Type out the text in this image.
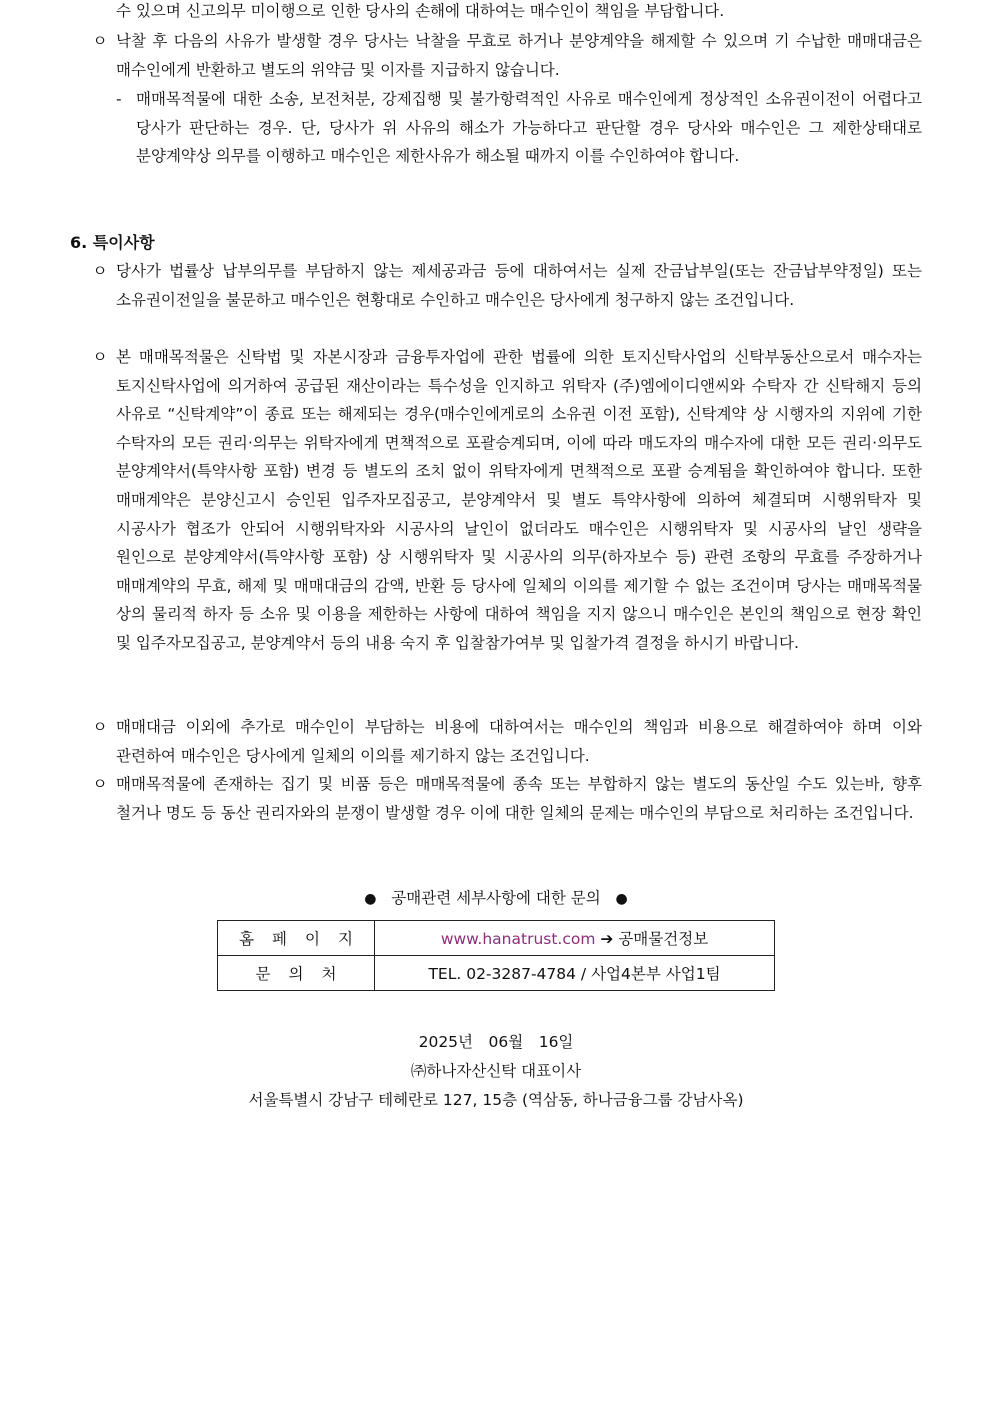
수 있으며 신고의무 미이행으로 인한 당사의 손해에 대하여는 매수인이 책임을 부담합니다.
ㅇ 낙찰 후 다음의 사유가 발생할 경우 당사는 낙찰을 무효로 하거나 분양계약을 해제할 수 있으며 기 수납한 매매대금은 매수인에게 반환하고 별도의 위약금 및 이자를 지급하지 않습니다.
- 매매목적물에 대한 소송, 보전처분, 강제집행 및 불가항력적인 사유로 매수인에게 정상적인 소유권이전이 어렵다고 당사가 판단하는 경우. 단, 당사가 위 사유의 해소가 가능하다고 판단할 경우 당사와 매수인은 그 제한상태대로 분양계약상 의무를 이행하고 매수인은 제한사유가 해소될 때까지 이를 수인하여야 합니다.
6. 특이사항
ㅇ 당사가 법률상 납부의무를 부담하지 않는 제세공과금 등에 대하여서는 실제 잔금납부일(또는 잔금납부약정일) 또는 소유권이전일을 불문하고 매수인은 현황대로 수인하고 매수인은 당사에게 청구하지 않는 조건입니다.
ㅇ 본 매매목적물은 신탁법 및 자본시장과 금융투자업에 관한 법률에 의한 토지신탁사업의 신탁부동산으로서 매수자는 토지신탁사업에 의거하여 공급된 재산이라는 특수성을 인지하고 위탁자 (주)엠에이디앤씨와 수탁자 간 신탁해지 등의 사유로 “신탁계약”이 종료 또는 해제되는 경우(매수인에게로의 소유권 이전 포함), 신탁계약 상 시행자의 지위에 기한 수탁자의 모든 권리·의무는 위탁자에게 면책적으로 포괄승계되며, 이에 따라 매도자의 매수자에 대한 모든 권리·의무도 분양계약서(특약사항 포함) 변경 등 별도의 조치 없이 위탁자에게 면책적으로 포괄 승계됨을 확인하여야 합니다. 또한 매매계약은 분양신고시 승인된 입주자모집공고, 분양계약서 및 별도 특약사항에 의하여 체결되며 시행위탁자 및 시공사가 협조가 안되어 시행위탁자와 시공사의 날인이 없더라도 매수인은 시행위탁자 및 시공사의 날인 생략을 원인으로 분양계약서(특약사항 포함) 상 시행위탁자 및 시공사의 의무(하자보수 등) 관련 조항의 무효를 주장하거나 매매계약의 무효, 해제 및 매매대금의 감액, 반환 등 당사에 일체의 이의를 제기할 수 없는 조건이며 당사는 매매목적물 상의 물리적 하자 등 소유 및 이용을 제한하는 사항에 대하여 책임을 지지 않으니 매수인은 본인의 책임으로 현장 확인 및 입주자모집공고, 분양계약서 등의 내용 숙지 후 입찰참가여부 및 입찰가격 결정을 하시기 바랍니다.
ㅇ 매매대금 이외에 추가로 매수인이 부담하는 비용에 대하여서는 매수인의 책임과 비용으로 해결하여야 하며 이와 관련하여 매수인은 당사에게 일체의 이의를 제기하지 않는 조건입니다.
ㅇ 매매목적물에 존재하는 집기 및 비품 등은 매매목적물에 종속 또는 부합하지 않는 별도의 동산일 수도 있는바, 향후 철거나 명도 등 동산 권리자와의 분쟁이 발생할 경우 이에 대한 일체의 문제는 매수인의 부담으로 처리하는 조건입니다.
● 공매관련 세부사항에 대한 문의 ●
홈페이지	www.hanatrust.com ➔ 공매물건정보
문의처	TEL. 02-3287-4784 / 사업4본부 사업1팀
2025년　06월　16일
㈜하나자산신탁 대표이사
서울특별시 강남구 테헤란로 127, 15층 (역삼동, 하나금융그룹 강남사옥)
